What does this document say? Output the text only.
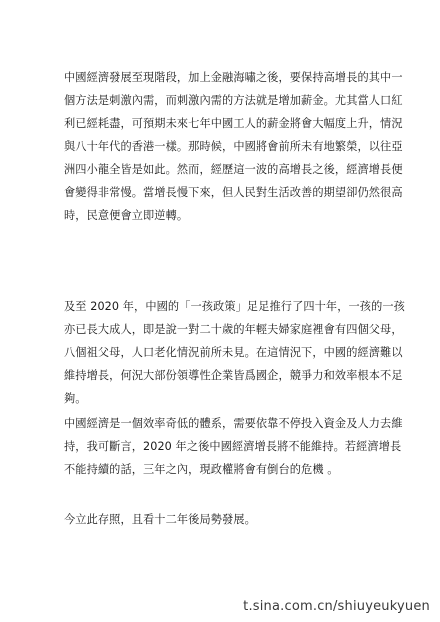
中國經濟發展至現階段，加上金融海嘯之後，要保持高增長的其中一
個方法是刺激內需，而刺激內需的方法就是增加薪金。尤其當人口紅
利已經耗盡，可預期未來七年中國工人的薪金將會大幅度上升，情況
與八十年代的香港一樣。那時候，中國將會前所未有地繁榮，以往亞
洲四小龍全皆是如此。然而，經歷這一波的高增長之後，經濟增長便
會變得非常慢。當增長慢下來，但人民對生活改善的期望卻仍然很高
時，民意便會立即逆轉。

及至 2020 年，中國的「一孩政策」足足推行了四十年，一孩的一孩
亦已長大成人，即是說一對二十歲的年輕夫婦家庭裡會有四個父母，
八個祖父母，人口老化情況前所未見。在這情況下，中國的經濟難以
維持增長，何況大部份領導性企業皆爲國企，競爭力和效率根本不足
夠。

中國經濟是一個效率奇低的體系，需要依靠不停投入資金及人力去維
持，我可斷言，2020 年之後中國經濟增長將不能維持。若經濟增長
不能持續的話，三年之內，現政權將會有倒台的危機 。

今立此存照，且看十二年後局勢發展。

t.sina.com.cn/shiuyeukyuen
